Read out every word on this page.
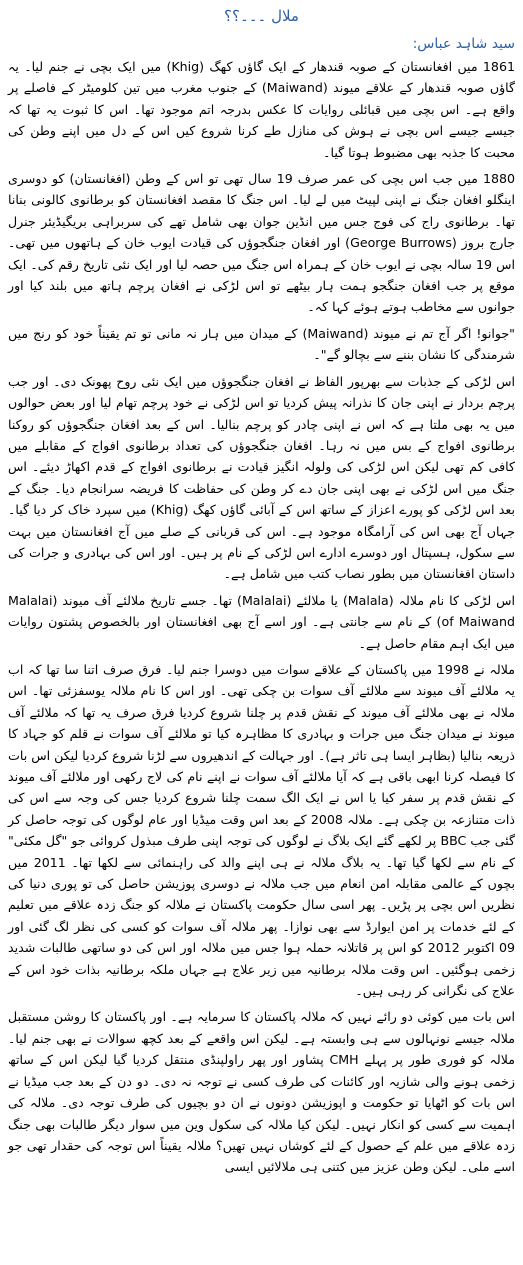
ملال ۔۔۔؟؟
سید شاہد عباس:

1861 میں افغانستان کے صوبہ قندھار کے ایک گاؤں کھگ (Khig) میں ایک بچی نے جنم لیا۔ یہ گاؤں صوبہ قندھار کے علاقے میوند (Maiwand) کے جنوب مغرب میں تین کلومیٹر کے فاصلے پر واقع ہے۔ اس بچی میں قبائلی روایات کا عکس بدرجہ اتم موجود تھا۔ اس کا ثبوت یہ تھا کہ جیسے جیسے اس بچی نے ہوش کی منازل طے کرنا شروع کیں اس کے دل میں اپنے وطن کی محبت کا جذبہ بھی مضبوط ہوتا گیا۔

1880 میں جب اس بچی کی عمر صرف 19 سال تھی تو اس کے وطن (افغانستان) کو دوسری اینگلو افغان جنگ نے اپنی لپیٹ میں لے لیا۔ اس جنگ کا مقصد افغانستان کو برطانوی کالونی بنانا تھا۔ برطانوی راج کی فوج جس میں انڈین جوان بھی شامل تھے کی سربراہی بریگیڈیئر جنرل جارج بروز (George Burrows) اور افغان جنگجوؤں کی قیادت ایوب خان کے ہاتھوں میں تھی۔ اس 19 سالہ بچی نے ایوب خان کے ہمراہ اس جنگ میں حصہ لیا اور ایک نئی تاریخ رقم کی۔ ایک موقع پر جب افغان جنگجو ہمت ہار بیٹھے تو اس لڑکی نے افغان پرچم ہاتھ میں بلند کیا اور جوانوں سے مخاطب ہوتے ہوئے کہا کہ۔

"جوانو! اگر آج تم نے میوند (Maiwand) کے میدان میں ہار نہ مانی تو تم یقیناً خود کو رنج میں شرمندگی کا نشان بننے سے بچالو گے"۔

اس لڑکی کے جذبات سے بھرپور الفاظ نے افغان جنگجوؤں میں ایک نئی روح پھونک دی۔ اور جب پرچم بردار نے اپنی جان کا نذرانہ پیش کردیا تو اس لڑکی نے خود پرچم تھام لیا اور بعض حوالوں میں یہ بھی ملتا ہے کہ اس نے اپنی چادر کو پرچم بنالیا۔ اس کے بعد افغان جنگجوؤں کو روکنا برطانوی افواج کے بس میں نہ رہا۔ افغان جنگجوؤں کی تعداد برطانوی افواج کے مقابلے میں کافی کم تھی لیکن اس لڑکی کی ولولہ انگیز قیادت نے برطانوی افواج کے قدم اکھاڑ دیئے۔ اس جنگ میں اس لڑکی نے بھی اپنی جان دے کر وطن کی حفاظت کا فریضہ سرانجام دیا۔ جنگ کے بعد اس لڑکی کو پورے اعزاز کے ساتھ اس کے آبائی گاؤں کھگ (Khig) میں سپرد خاک کر دیا گیا۔ جہاں آج بھی اس کی آرامگاہ موجود ہے۔ اس کی قربانی کے صلے میں آج افغانستان میں بہت سے سکول، ہسپتال اور دوسرے ادارے اس لڑکی کے نام پر ہیں۔ اور اس کی بہادری و جرات کی داستان افغانستان میں بطور نصاب کتب میں شامل ہے۔

اس لڑکی کا نام ملالہ (Malala) یا ملالئے (Malalai) تھا۔ جسے تاریخ ملالئے آف میوند (Malalai of Maiwand) کے نام سے جانتی ہے۔ اور اسے آج بھی افغانستان اور بالخصوص پشتون روایات میں ایک اہم مقام حاصل ہے۔

ملالہ نے 1998 میں پاکستان کے علاقے سوات میں دوسرا جنم لیا۔ فرق صرف اتنا سا تھا کہ اب یہ ملالئے آف میوند سے ملالئے آف سوات بن چکی تھی۔ اور اس کا نام ملالہ یوسفزئی تھا۔ اس ملالہ نے بھی ملالئے آف میوند کے نقش قدم پر چلنا شروع کردیا فرق صرف یہ تھا کہ ملالئے آف میوند نے میدان جنگ میں جرات و بہادری کا مظاہرہ کیا تو ملالئے آف سوات نے قلم کو جہاد کا ذریعہ بنالیا (بظاہر ایسا ہی تاثر ہے)۔ اور جہالت کے اندھیروں سے لڑنا شروع کردیا لیکن اس بات کا فیصلہ کرنا ابھی باقی ہے کہ آیا ملالئے آف سوات نے اپنے نام کی لاج رکھی اور ملالئے آف میوند کے نقش قدم پر سفر کیا یا اس نے ایک الگ سمت چلنا شروع کردیا جس کی وجہ سے اس کی ذات متنازعہ بن چکی ہے۔ ملالہ 2008 کے بعد اس وقت میڈیا اور عام لوگوں کی توجہ حاصل کر گئی جب BBC پر لکھے گئے ایک بلاگ نے لوگوں کی توجہ اپنی طرف مبذول کروائی جو "گل مکئی" کے نام سے لکھا گیا تھا۔ یہ بلاگ ملالہ نے ہی اپنے والد کی راہنمائی سے لکھا تھا۔ 2011 میں بچوں کے عالمی مقابلہ امن انعام میں جب ملالہ نے دوسری پوزیشن حاصل کی تو پوری دنیا کی نظریں اس بچی پر پڑیں۔ پھر اسی سال حکومت پاکستان نے ملالہ کو جنگ زدہ علاقے میں تعلیم کے لئے خدمات پر امن ایوارڈ سے بھی نوازا۔ پھر ملالہ آف سوات کو کسی کی نظر لگ گئی اور 09 اکتوبر 2012 کو اس پر قاتلانہ حملہ ہوا جس میں ملالہ اور اس کی دو ساتھی طالبات شدید زخمی ہوگئیں۔ اس وقت ملالہ برطانیہ میں زیر علاج ہے جہاں ملکہ برطانیہ بذات خود اس کے علاج کی نگرانی کر رہی ہیں۔

اس بات میں کوئی دو رائے نہیں کہ ملالہ پاکستان کا سرمایہ ہے۔ اور پاکستان کا روشن مستقبل ملالہ جیسے نونہالوں سے ہی وابستہ ہے۔ لیکن اس واقعے کے بعد کچھ سوالات نے بھی جنم لیا۔ ملالہ کو فوری طور پر پہلے CMH پشاور اور پھر راولپنڈی منتقل کردیا گیا لیکن اس کے ساتھ زخمی ہونے والی شازیہ اور کائنات کی طرف کسی نے توجہ نہ دی۔ دو دن کے بعد جب میڈیا نے اس بات کو اٹھایا تو حکومت و اپوزیشن دونوں نے ان دو بچیوں کی طرف توجہ دی۔ ملالہ کی اہمیت سے کسی کو انکار نہیں۔ لیکن کیا ملالہ کی سکول وین میں سوار دیگر طالبات بھی جنگ زدہ علاقے میں علم کے حصول کے لئے کوشاں نہیں تھیں؟ ملالہ یقیناً اس توجہ کی حقدار تھی جو اسے ملی۔ لیکن وطن عزیز میں کتنی ہی ملالائیں ایسی
